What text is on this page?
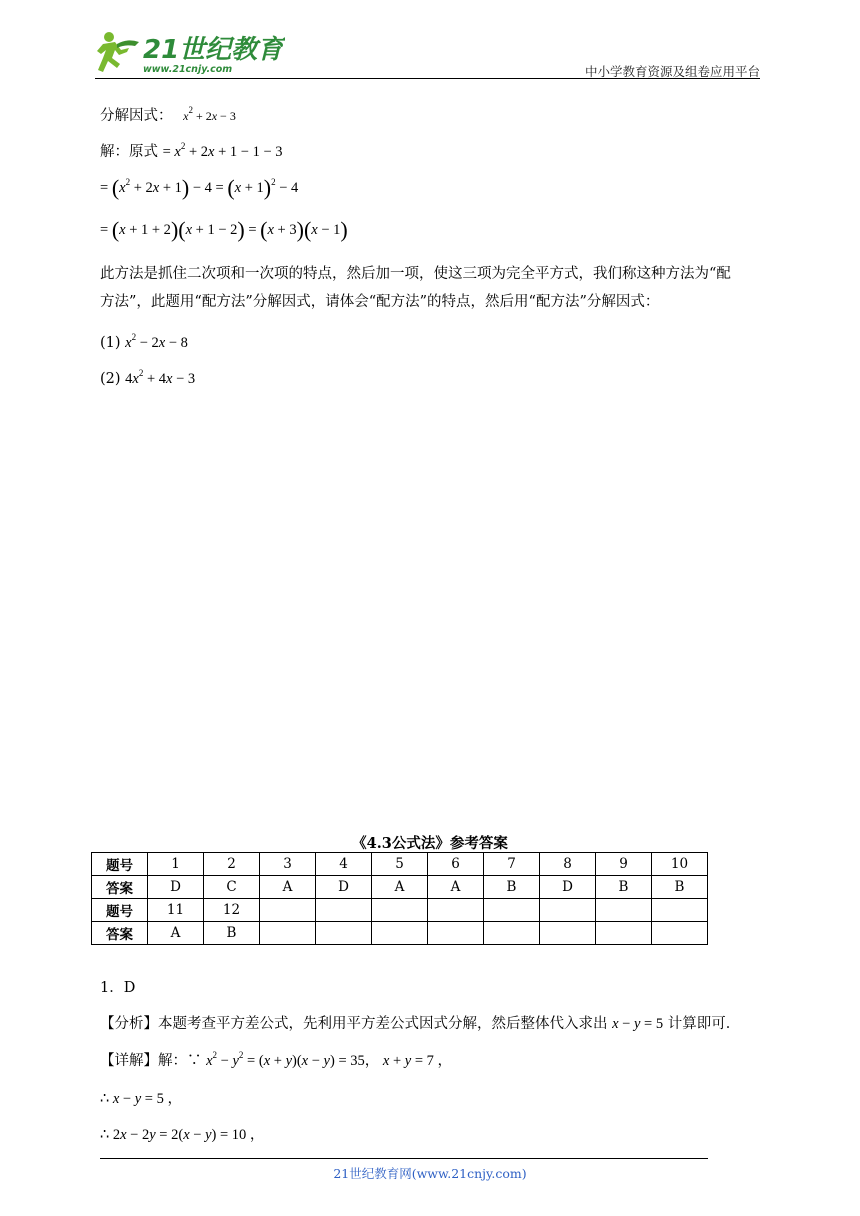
21世纪教育
www.21cnjy.com	中小学教育资源及组卷应用平台
分解因式： $x^2 + 2x - 3$
解：原式 = $x^2 + 2x + 1 - 1 - 3$
= $(x^2 + 2x + 1) - 4 = (x + 1)^2 - 4$
= (x + 1 + 2)(x + 1 − 2) = (x + 3)(x − 1)
此方法是抓住二次项和一次项的特点，然后加一项，使这三项为完全平方式，我们称这种方法为“配
方法”，此题用“配方法”分解因式，请体会“配方法”的特点，然后用“配方法”分解因式：
(1) $x^2 - 2x - 8$
(2) $4x^2 + 4x - 3$
《4.3公式法》参考答案
题号	1	2	3	4	5	6	7	8	9	10
答案	D	C	A	D	A	A	B	D	B	B
题号	11	12								
答案	A	B								
1．D
【分析】本题考查平方差公式，先利用平方差公式因式分解，然后整体代入求出 x − y = 5 计算即可．
【详解】解：∵ $x^2 - y^2 = (x + y)(x - y) = 35$， x + y = 7 ，
∴ x − y = 5 ，
∴ 2x − 2y = 2(x − y) = 10 ，
21世纪教育网(www.21cnjy.com)
